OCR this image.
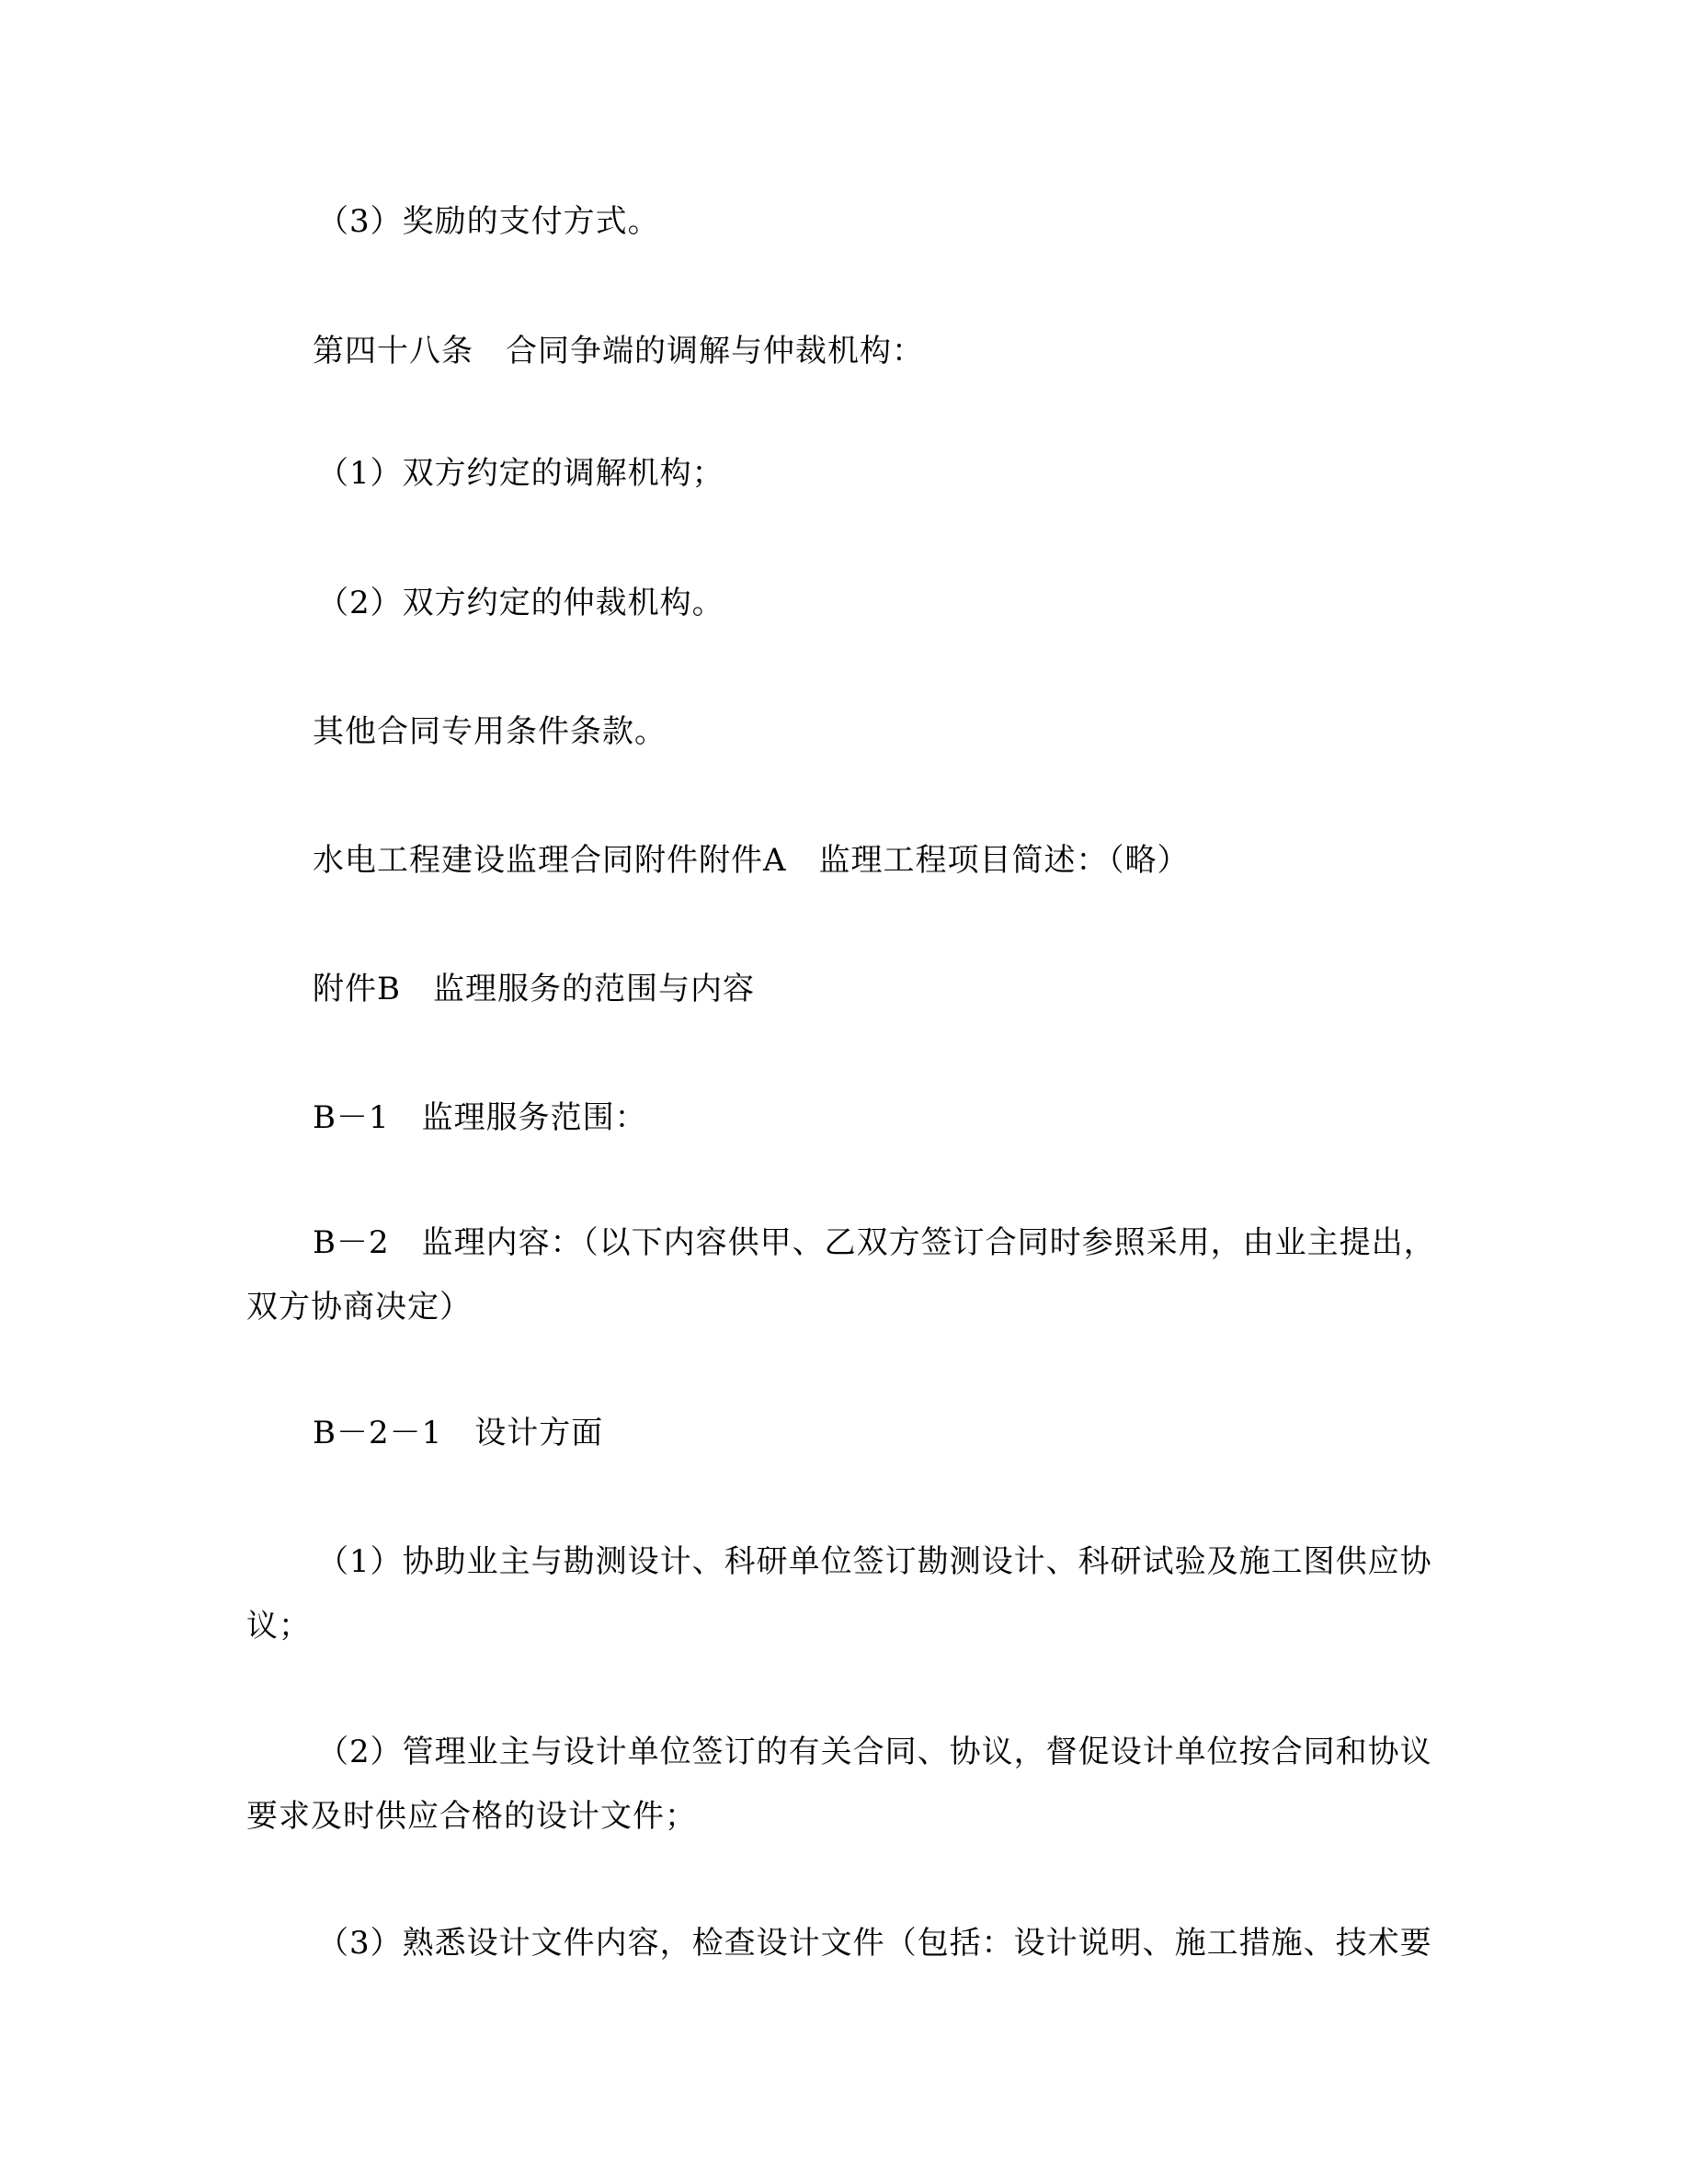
（3）奖励的支付方式。
第四十八条　合同争端的调解与仲裁机构：
（1）双方约定的调解机构；
（2）双方约定的仲裁机构。
其他合同专用条件条款。
水电工程建设监理合同附件附件A　监理工程项目简述：（略）
附件B　监理服务的范围与内容
B－1　监理服务范围：
B－2　监理内容：（以下内容供甲、乙双方签订合同时参照采用，由业主提出，
双方协商决定）
B－2－1　设计方面
（1）协助业主与勘测设计、科研单位签订勘测设计、科研试验及施工图供应协
议；
（2）管理业主与设计单位签订的有关合同、协议，督促设计单位按合同和协议
要求及时供应合格的设计文件；
（3）熟悉设计文件内容，检查设计文件（包括：设计说明、施工措施、技术要
